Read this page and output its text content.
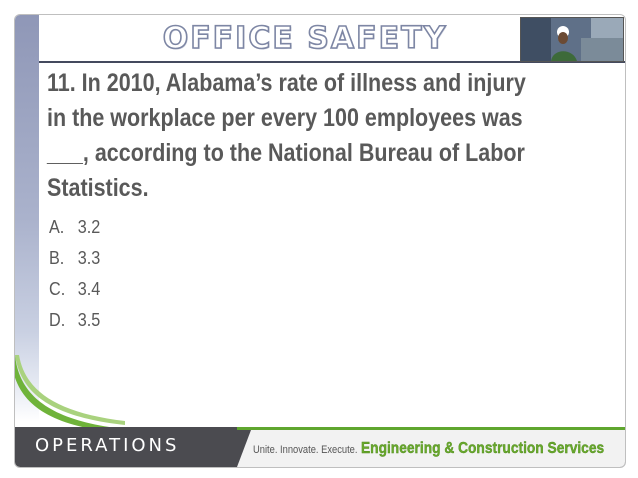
OFFICE SAFETY
11. In 2010, Alabama’s rate of illness and injury in the workplace per every 100 employees was ___, according to the National Bureau of Labor Statistics.
A. 3.2
B. 3.3
C. 3.4
D. 3.5
OPERATIONS	Unite. Innovate. Execute. Engineering & Construction Services
